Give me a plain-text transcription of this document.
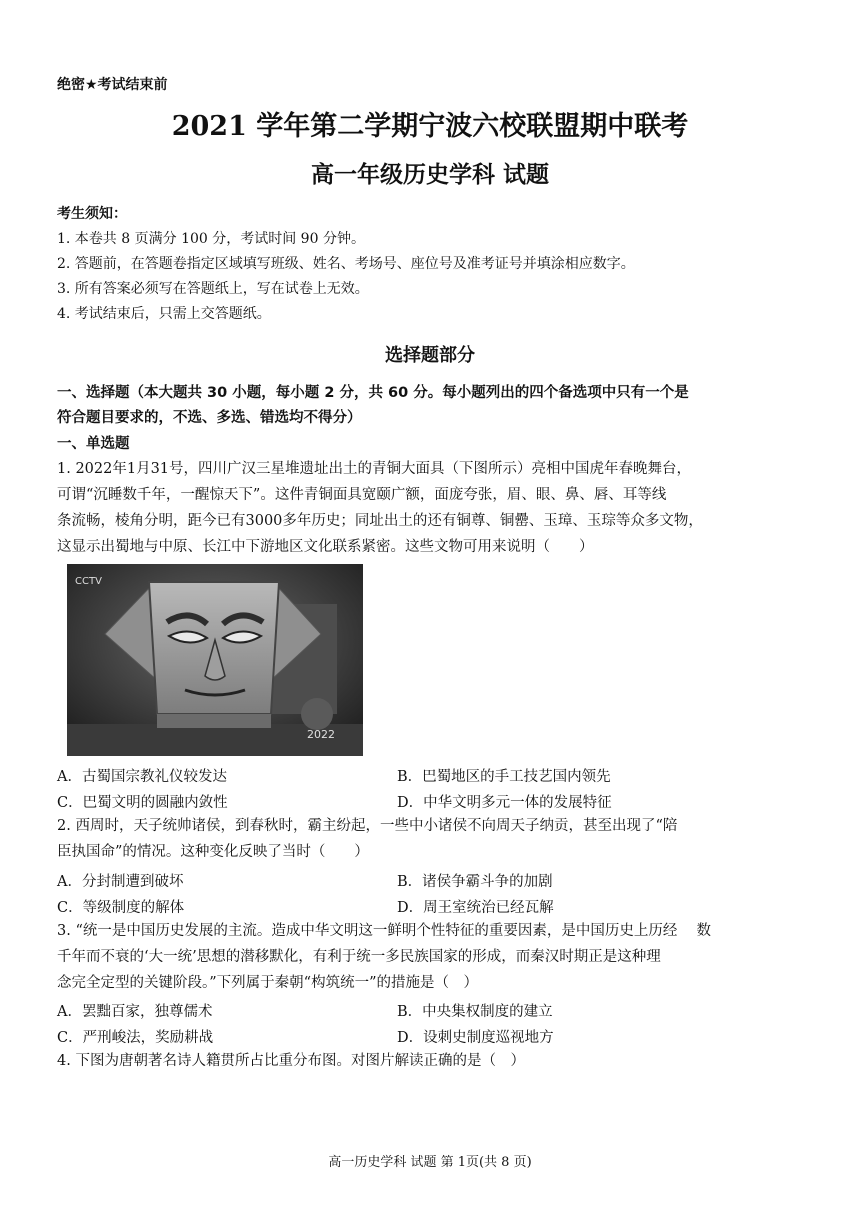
绝密★考试结束前
2021 学年第二学期宁波六校联盟期中联考
高一年级历史学科 试题
考生须知：
1. 本卷共 8 页满分 100 分，考试时间 90 分钟。
2. 答题前，在答题卷指定区域填写班级、姓名、考场号、座位号及准考证号并填涂相应数字。
3. 所有答案必须写在答题纸上，写在试卷上无效。
4. 考试结束后，只需上交答题纸。
选择题部分
一、选择题（本大题共 30 小题，每小题 2 分，共 60 分。每小题列出的四个备选项中只有一个是
符合题目要求的，不选、多选、错选均不得分）
一、单选题
1. 2022年1月31号，四川广汉三星堆遗址出土的青铜大面具（下图所示）亮相中国虎年春晚舞台，
可谓“沉睡数千年，一醒惊天下”。这件青铜面具宽颐广额，面庞夸张，眉、眼、鼻、唇、耳等线
条流畅，棱角分明，距今已有3000多年历史；同址出土的还有铜尊、铜罍、玉璋、玉琮等众多文物，
这显示出蜀地与中原、长江中下游地区文化联系紧密。这些文物可用来说明（　　）
CCTV
2022
A．古蜀国宗教礼仪较发达	B．巴蜀地区的手工技艺国内领先
C．巴蜀文明的圆融内敛性	D．中华文明多元一体的发展特征
2. 西周时，天子统帅诸侯，到春秋时，霸主纷起，一些中小诸侯不向周天子纳贡，甚至出现了“陪
臣执国命”的情况。这种变化反映了当时（　　）
A．分封制遭到破坏	B．诸侯争霸斗争的加剧
C．等级制度的解体	D．周王室统治已经瓦解
3. “统一是中国历史发展的主流。造成中华文明这一鲜明个性特征的重要因素，是中国历史上历经　 数
千年而不衰的‘大一统’思想的潜移默化，有利于统一多民族国家的形成，而秦汉时期正是这种理
念完全定型的关键阶段。”下列属于秦朝“构筑统一”的措施是（　）
A．罢黜百家，独尊儒术	B．中央集权制度的建立
C．严刑峻法，奖励耕战	D．设刺史制度巡视地方
4. 下图为唐朝著名诗人籍贯所占比重分布图。对图片解读正确的是（　）
高一历史学科 试题 第 1页(共 8 页)
